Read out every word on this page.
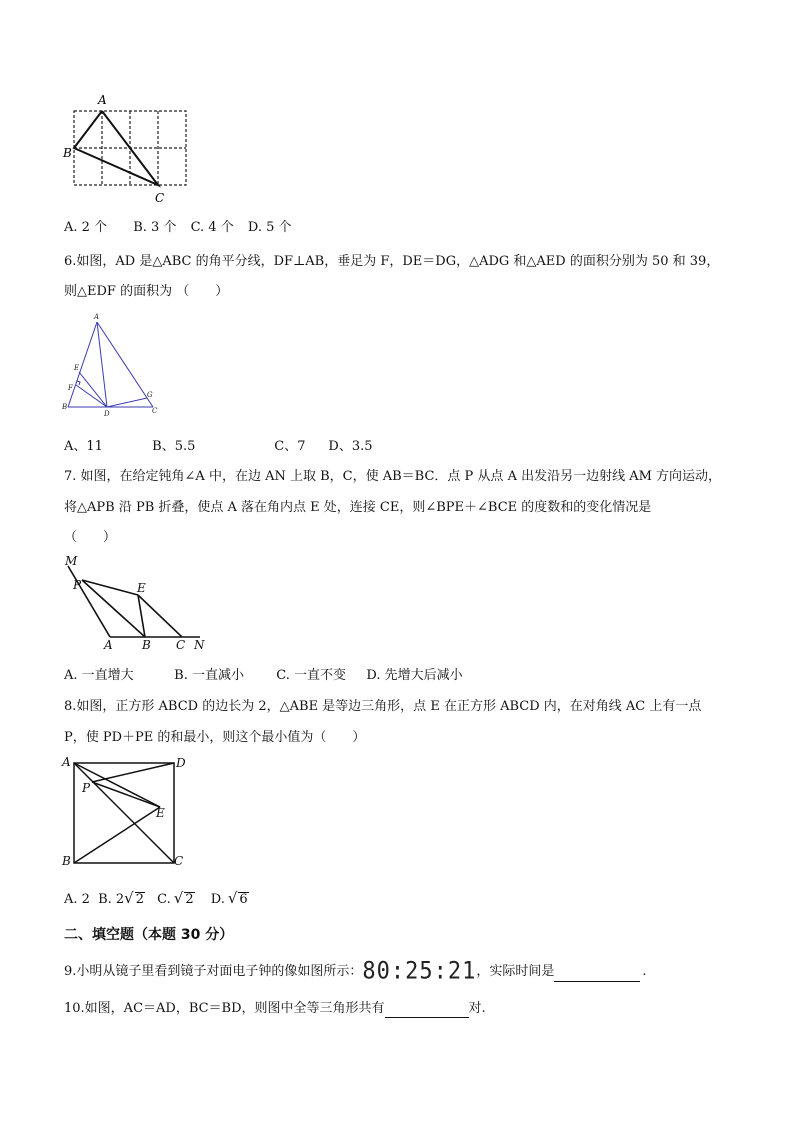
A
B
C
A. 2 个 B. 3 个 C. 4 个 D. 5 个
6.如图，AD 是△ABC 的角平分线，DF⊥AB，垂足为 F，DE＝DG，△ADG 和△AED 的面积分别为 50 和 39，
则△EDF 的面积为 （　　）
A
E
F
B
D
G
C
A、11	B、5.5	C、7 D、3.5
7. 如图，在给定钝角∠A 中，在边 AN 上取 B，C，使 AB＝BC．点 P 从点 A 出发沿另一边射线 AM 方向运动，
将△APB 沿 PB 折叠，使点 A 落在角内点 E 处，连接 CE，则∠BPE＋∠BCE 的度数和的变化情况是
（　　）
M
P	E
A B C N
A. 一直增大	B. 一直减小 C. 一直不变 D. 先增大后减小
8.如图，正方形 ABCD 的边长为 2，△ABE 是等边三角形，点 E 在正方形 ABCD 内，在对角线 AC 上有一点
P，使 PD＋PE 的和最小，则这个最小值为（　　）
A	D
P
E
B	C
A. 2 B. 2√ 2 C. √ 2 D. √ 6
二、填空题（本题 30 分）
9.小明从镜子里看到镜子对面电子钟的像如图所示：80:25:21，实际时间是	.
10.如图，AC＝AD，BC＝BD，则图中全等三角形共有	对.
